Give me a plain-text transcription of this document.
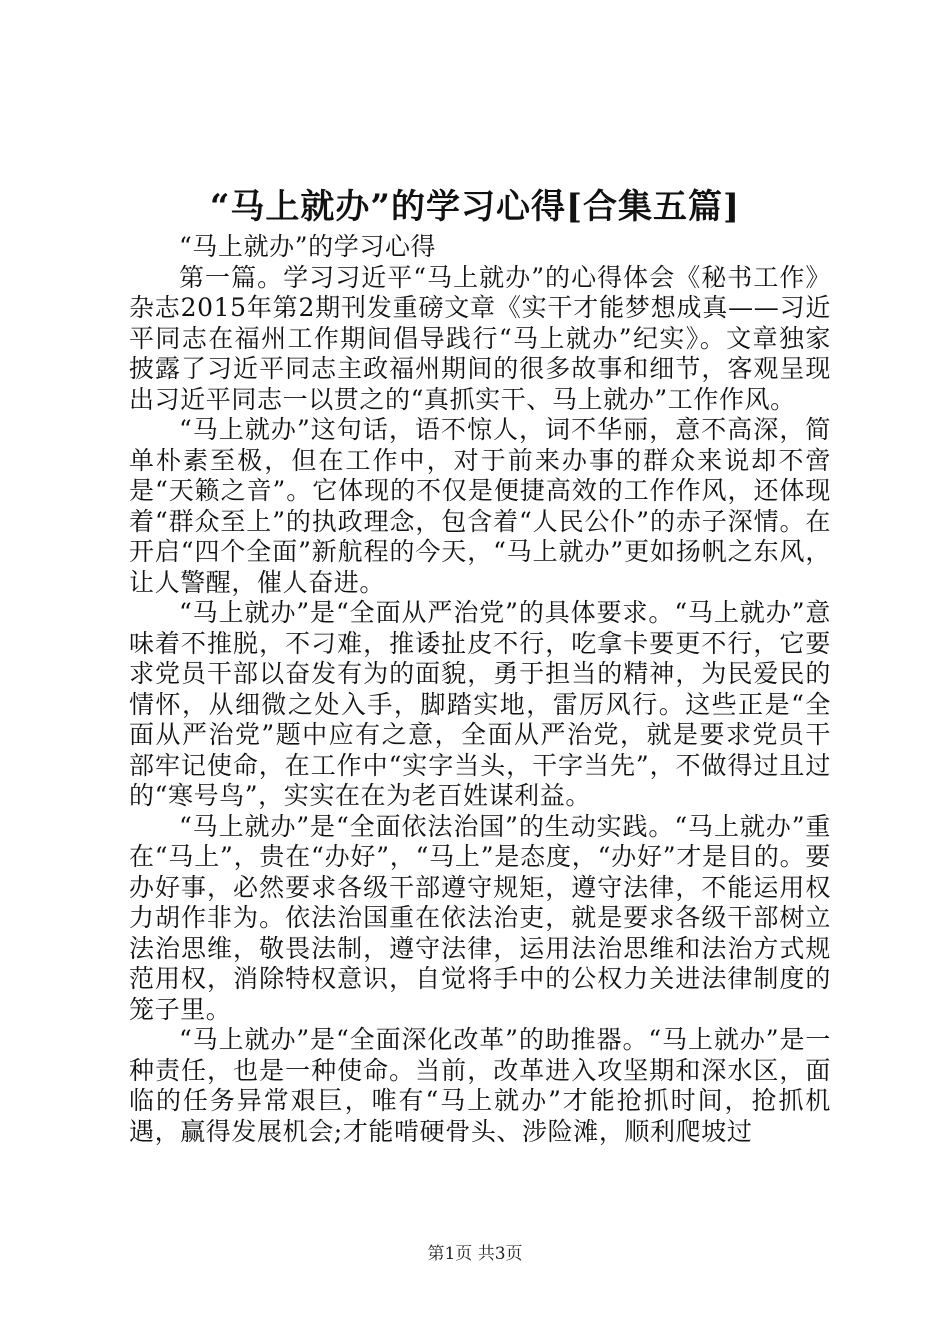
“马上就办”的学习心得[合集五篇]

“马上就办”的学习心得

第一篇。学习习近平“马上就办”的心得体会《秘书工作》杂志2015年第2期刊发重磅文章《实干才能梦想成真——习近平同志在福州工作期间倡导践行“马上就办”纪实》。文章独家披露了习近平同志主政福州期间的很多故事和细节，客观呈现出习近平同志一以贯之的“真抓实干、马上就办”工作作风。

“马上就办”这句话，语不惊人，词不华丽，意不高深，简单朴素至极，但在工作中，对于前来办事的群众来说却不啻是“天籁之音”。它体现的不仅是便捷高效的工作作风，还体现着“群众至上”的执政理念，包含着“人民公仆”的赤子深情。在开启“四个全面”新航程的今天，“马上就办”更如扬帆之东风，让人警醒，催人奋进。

“马上就办”是“全面从严治党”的具体要求。“马上就办”意味着不推脱，不刁难，推诿扯皮不行，吃拿卡要更不行，它要求党员干部以奋发有为的面貌，勇于担当的精神，为民爱民的情怀，从细微之处入手，脚踏实地，雷厉风行。这些正是“全面从严治党”题中应有之意，全面从严治党，就是要求党员干部牢记使命，在工作中“实字当头，干字当先”，不做得过且过的“寒号鸟”，实实在在为老百姓谋利益。

“马上就办”是“全面依法治国”的生动实践。“马上就办”重在“马上”，贵在“办好”，“马上”是态度，“办好”才是目的。要办好事，必然要求各级干部遵守规矩，遵守法律，不能运用权力胡作非为。依法治国重在依法治吏，就是要求各级干部树立法治思维，敬畏法制，遵守法律，运用法治思维和法治方式规范用权，消除特权意识，自觉将手中的公权力关进法律制度的笼子里。

“马上就办”是“全面深化改革”的助推器。“马上就办”是一种责任，也是一种使命。当前，改革进入攻坚期和深水区，面临的任务异常艰巨，唯有“马上就办”才能抢抓时间，抢抓机遇，赢得发展机会;才能啃硬骨头、涉险滩，顺利爬坡过

第1页 共3页
